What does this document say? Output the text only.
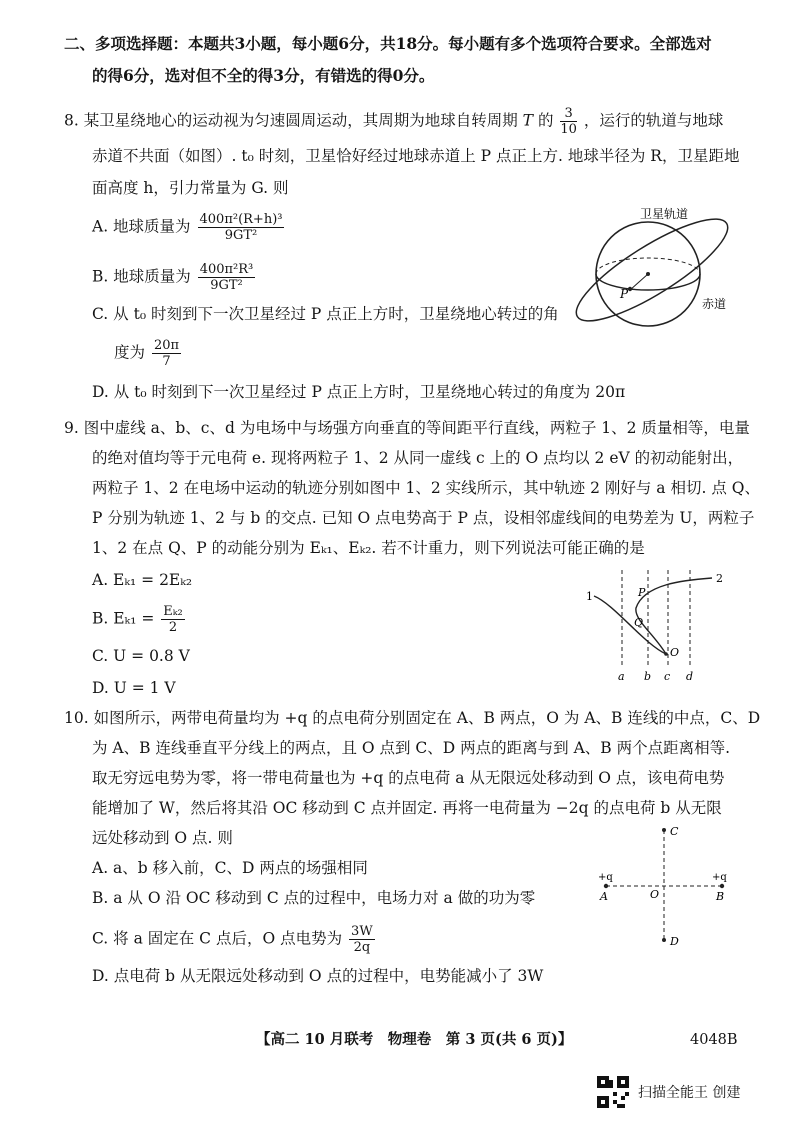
二、多项选择题：本题共3小题，每小题6分，共18分。每小题有多个选项符合要求。全部选对
的得6分，选对但不全的得3分，有错选的得0分。
8. 某卫星绕地心的运动视为匀速圆周运动，其周期为地球自转周期 T 的 $\frac{3}{10}$ ，运行的轨道与地球
赤道不共面（如图）. t₀ 时刻，卫星恰好经过地球赤道上 P 点正上方. 地球半径为 R，卫星距地
面高度 h，引力常量为 G. 则
A. 地球质量为 $\frac{\text{400π²(R+h)³}}{\text{9GT²}}$
B. 地球质量为 $\frac{\text{400π²R³}}{\text{9GT²}}$
C. 从 t₀ 时刻到下一次卫星经过 P 点正上方时，卫星绕地心转过的角
度为 $\frac{20\pi}{7}$
D. 从 t₀ 时刻到下一次卫星经过 P 点正上方时，卫星绕地心转过的角度为 20π
P
卫星轨道
赤道
9. 图中虚线 a、b、c、d 为电场中与场强方向垂直的等间距平行直线，两粒子 1、2 质量相等，电量
的绝对值均等于元电荷 e. 现将两粒子 1、2 从同一虚线 c 上的 O 点均以 2 eV 的初动能射出，
两粒子 1、2 在电场中运动的轨迹分别如图中 1、2 实线所示，其中轨迹 2 刚好与 a 相切. 点 Q、
P 分别为轨迹 1、2 与 b 的交点. 已知 O 点电势高于 P 点，设相邻虚线间的电势差为 U，两粒子
1、2 在点 Q、P 的动能分别为 Eₖ₁、Eₖ₂. 若不计重力，则下列说法可能正确的是
A. Eₖ₁ = 2Eₖ₂
B. $E_{k1} = \frac{\text{Eₖ₂}}{2}$
C. U = 0.8 V
D. U = 1 V
1
2
P
Q
O
a b c d
10. 如图所示，两带电荷量均为 +q 的点电荷分别固定在 A、B 两点，O 为 A、B 连线的中点，C、D
为 A、B 连线垂直平分线上的两点，且 O 点到 C、D 两点的距离与到 A、B 两个点距离相等.
取无穷远电势为零，将一带电荷量也为 +q 的点电荷 a 从无限远处移动到 O 点，该电荷电势
能增加了 W，然后将其沿 OC 移动到 C 点并固定. 再将一电荷量为 −2q 的点电荷 b 从无限
远处移动到 O 点. 则
A. a、b 移入前，C、D 两点的场强相同
B. a 从 O 沿 OC 移动到 C 点的过程中，电场力对 a 做的功为零
C. 将 a 固定在 C 点后，O 点电势为 $\frac{3W}{2q}$
D. 点电荷 b 从无限远处移动到 O 点的过程中，电势能减小了 3W
C
D
O
A	B
+q	+q
【高二 10 月联考　物理卷　第 3 页(共 6 页)】	4048B
扫描全能王 创建
